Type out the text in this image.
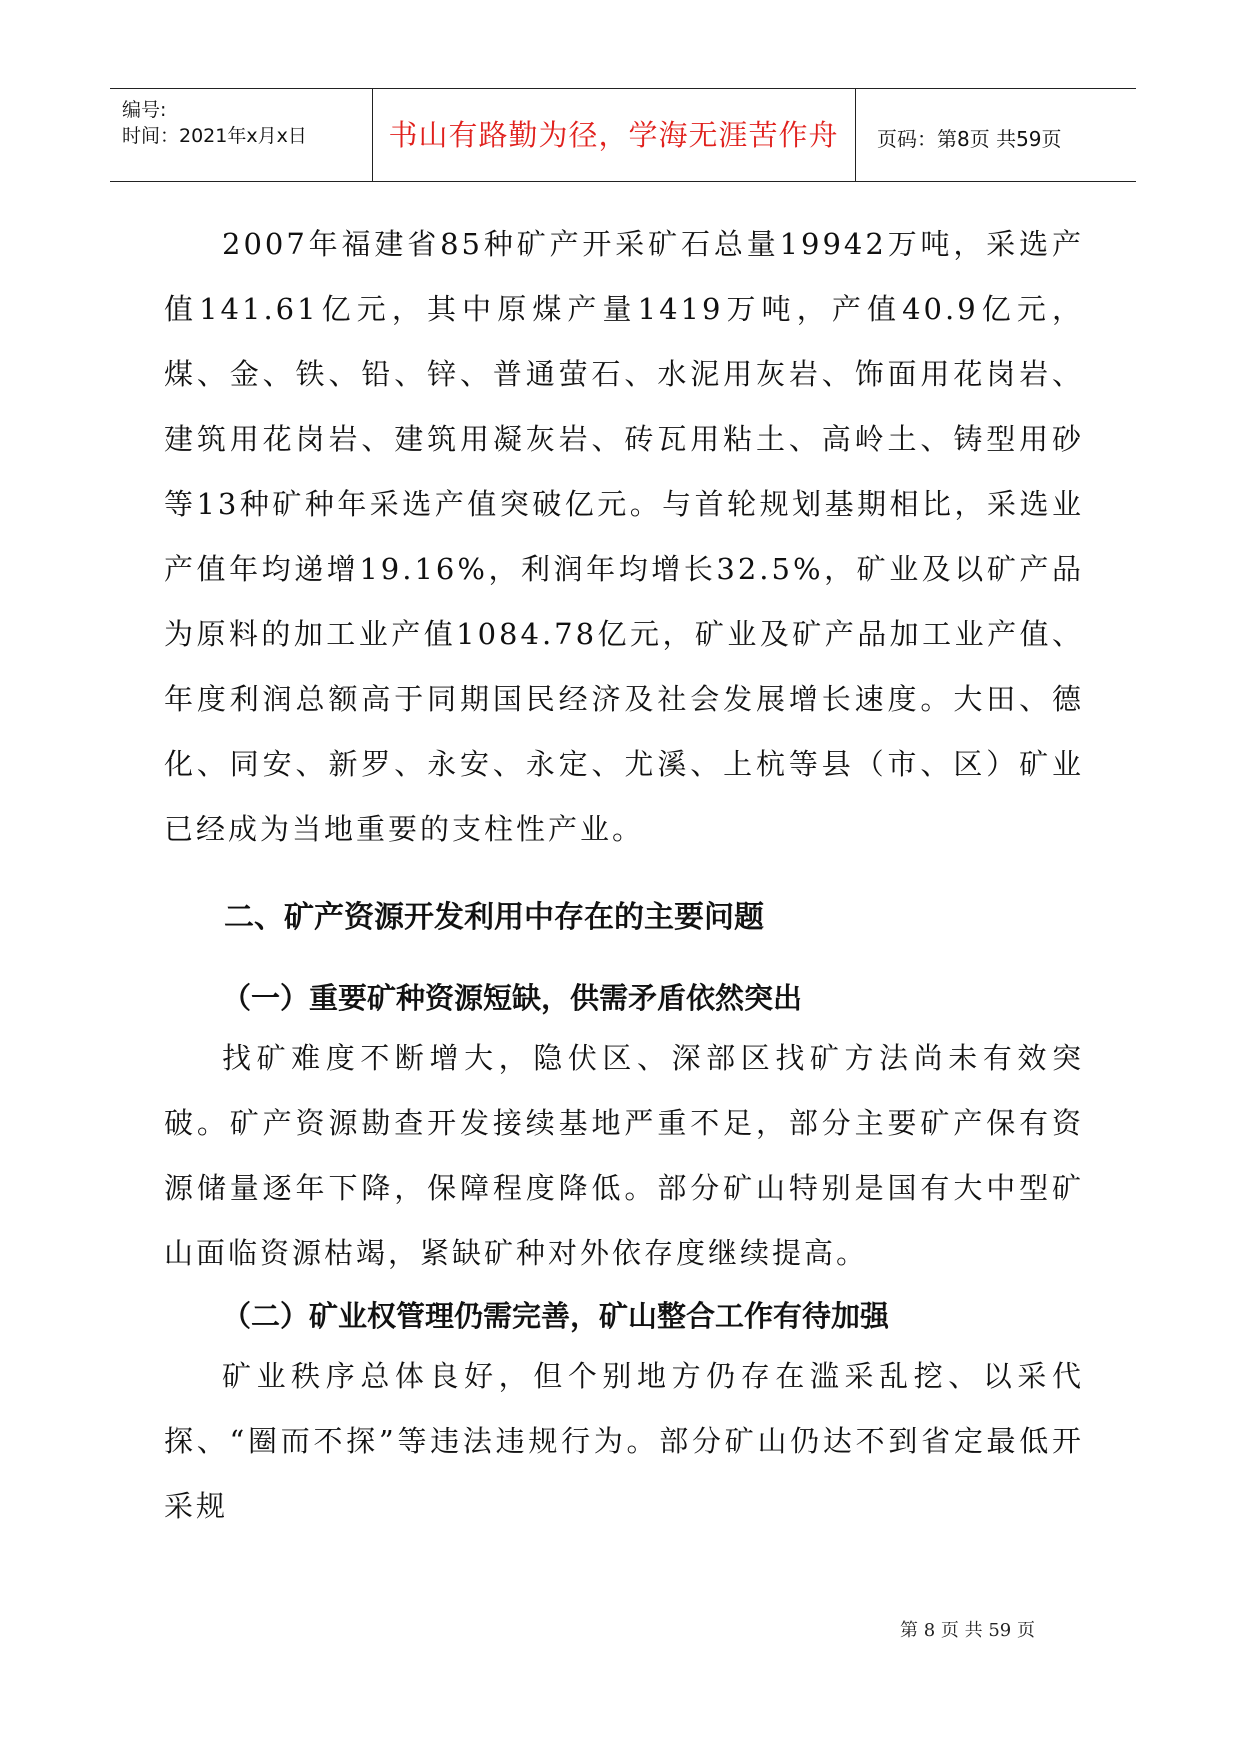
编号:
时间：2021年x月x日	书山有路勤为径，学海无涯苦作舟	页码：第8页 共59页

2007年福建省85种矿产开采矿石总量19942万吨，采选产值141.61亿元，其中原煤产量1419万吨，产值40.9亿元，煤、金、铁、铅、锌、普通萤石、水泥用灰岩、饰面用花岗岩、建筑用花岗岩、建筑用凝灰岩、砖瓦用粘土、高岭土、铸型用砂等13种矿种年采选产值突破亿元。与首轮规划基期相比，采选业产值年均递增19.16%，利润年均增长32.5%，矿业及以矿产品为原料的加工业产值1084.78亿元，矿业及矿产品加工业产值、年度利润总额高于同期国民经济及社会发展增长速度。大田、德化、同安、新罗、永安、永定、尤溪、上杭等县（市、区）矿业已经成为当地重要的支柱性产业。

二、矿产资源开发利用中存在的主要问题
（一）重要矿种资源短缺，供需矛盾依然突出

找矿难度不断增大，隐伏区、深部区找矿方法尚未有效突破。矿产资源勘查开发接续基地严重不足，部分主要矿产保有资源储量逐年下降，保障程度降低。部分矿山特别是国有大中型矿山面临资源枯竭，紧缺矿种对外依存度继续提高。

（二）矿业权管理仍需完善，矿山整合工作有待加强

矿业秩序总体良好，但个别地方仍存在滥采乱挖、以采代探、“圈而不探”等违法违规行为。部分矿山仍达不到省定最低开采规

第 8 页 共 59 页
